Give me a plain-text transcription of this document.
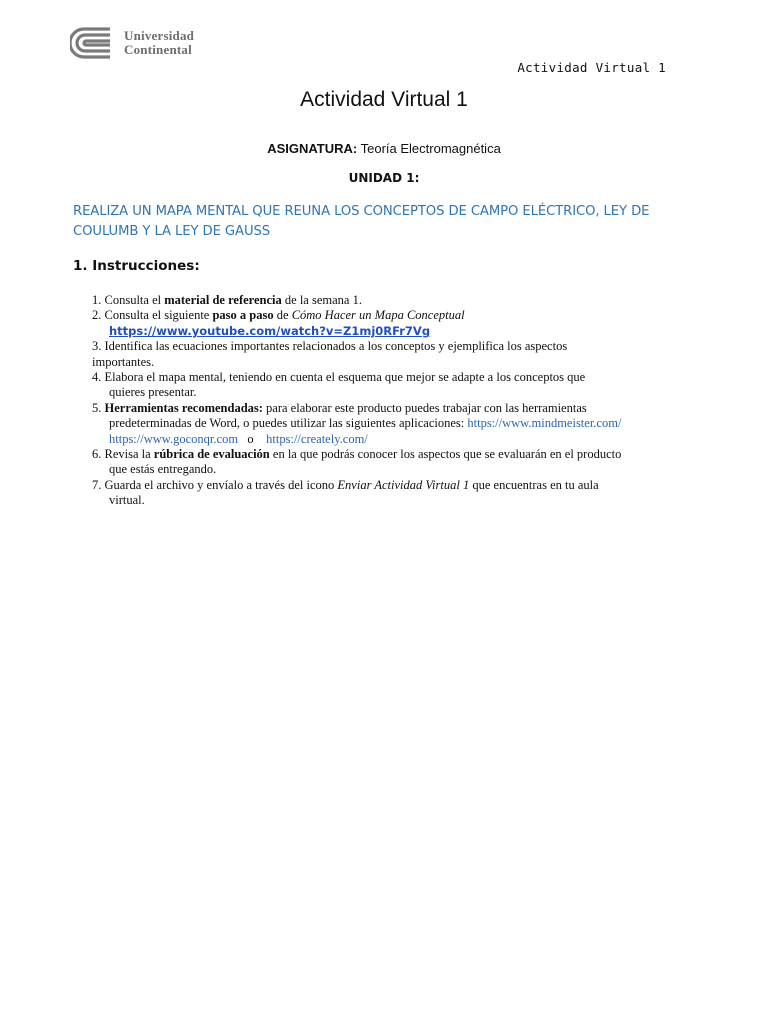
Universidad
Continental
Actividad Virtual 1
Actividad Virtual 1
ASIGNATURA: Teoría Electromagnética
UNIDAD 1:
REALIZA UN MAPA MENTAL QUE REUNA LOS CONCEPTOS DE CAMPO ELÉCTRICO, LEY DE COULUMB Y LA LEY DE GAUSS
1. Instrucciones:
1. Consulta el material de referencia de la semana 1.
2. Consulta el siguiente paso a paso de Cómo Hacer un Mapa Conceptual
https://www.youtube.com/watch?v=Z1mj0RFr7Vg
3. Identifica las ecuaciones importantes relacionados a los conceptos y ejemplifica los aspectos
importantes.
4. Elabora el mapa mental, teniendo en cuenta el esquema que mejor se adapte a los conceptos que
quieres presentar.
5. Herramientas recomendadas: para elaborar este producto puedes trabajar con las herramientas
predeterminadas de Word, o puedes utilizar las siguientes aplicaciones: https://www.mindmeister.com/
https://www.goconqr.com   o    https://creately.com/
6. Revisa la rúbrica de evaluación en la que podrás conocer los aspectos que se evaluarán en el producto
que estás entregando.
7. Guarda el archivo y envíalo a través del icono Enviar Actividad Virtual 1 que encuentras en tu aula
virtual.
